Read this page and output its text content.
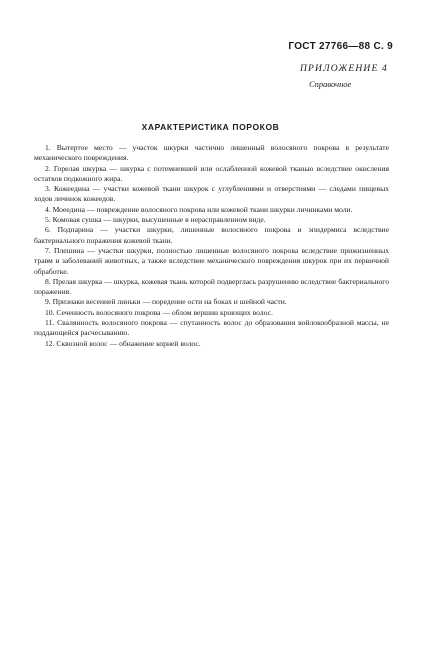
ГОСТ 27766—88 С. 9
ПРИЛОЖЕНИЕ 4
Справочное
ХАРАКТЕРИСТИКА ПОРОКОВ

1. Вытертое место — участок шкурки частично лишенный волосяного покрова в результате механического повреждения.

2. Горелая шкурка — шкурка с потемневшей или ослабленной кожевой тканью вследствие окисления остатков подкожного жира.

3. Кожеедина — участки кожевой ткани шкурок с углублениями и отверстиями — следами пищевых ходов личинок кожеедов.

4. Моеедина — повреждение волосяного покрова или кожевой ткани шкурки личинками моли.

5. Комовая сушка — шкурки, высушенные в нерасправленном виде.

6. Подпарина — участки шкурки, лишенные волосяного покрова и эпидермиса вследствие бактериального поражения кожевой ткани.

7. Плешина — участки шкурки, полностью лишенные волосяного покрова вследствие прижизненных травм и заболеваний животных, а также вследствие механического повреждения шкурок при их первичной обработке.

8. Прелая шкурка — шкурка, кожевая ткань которой подверглась разрушению вследствие бактериального поражения.

9. Признаки весенней линьки — поредение ости на боках и шейной части.

10. Сеченность волосяного покрова — облом вершин кроющих волос.

11. Свалянность волосяного покрова — спутанность волос до образования войлокообразной массы, не поддающейся расчесыванию.

12. Сквозной волос — обнажение корней волос.
